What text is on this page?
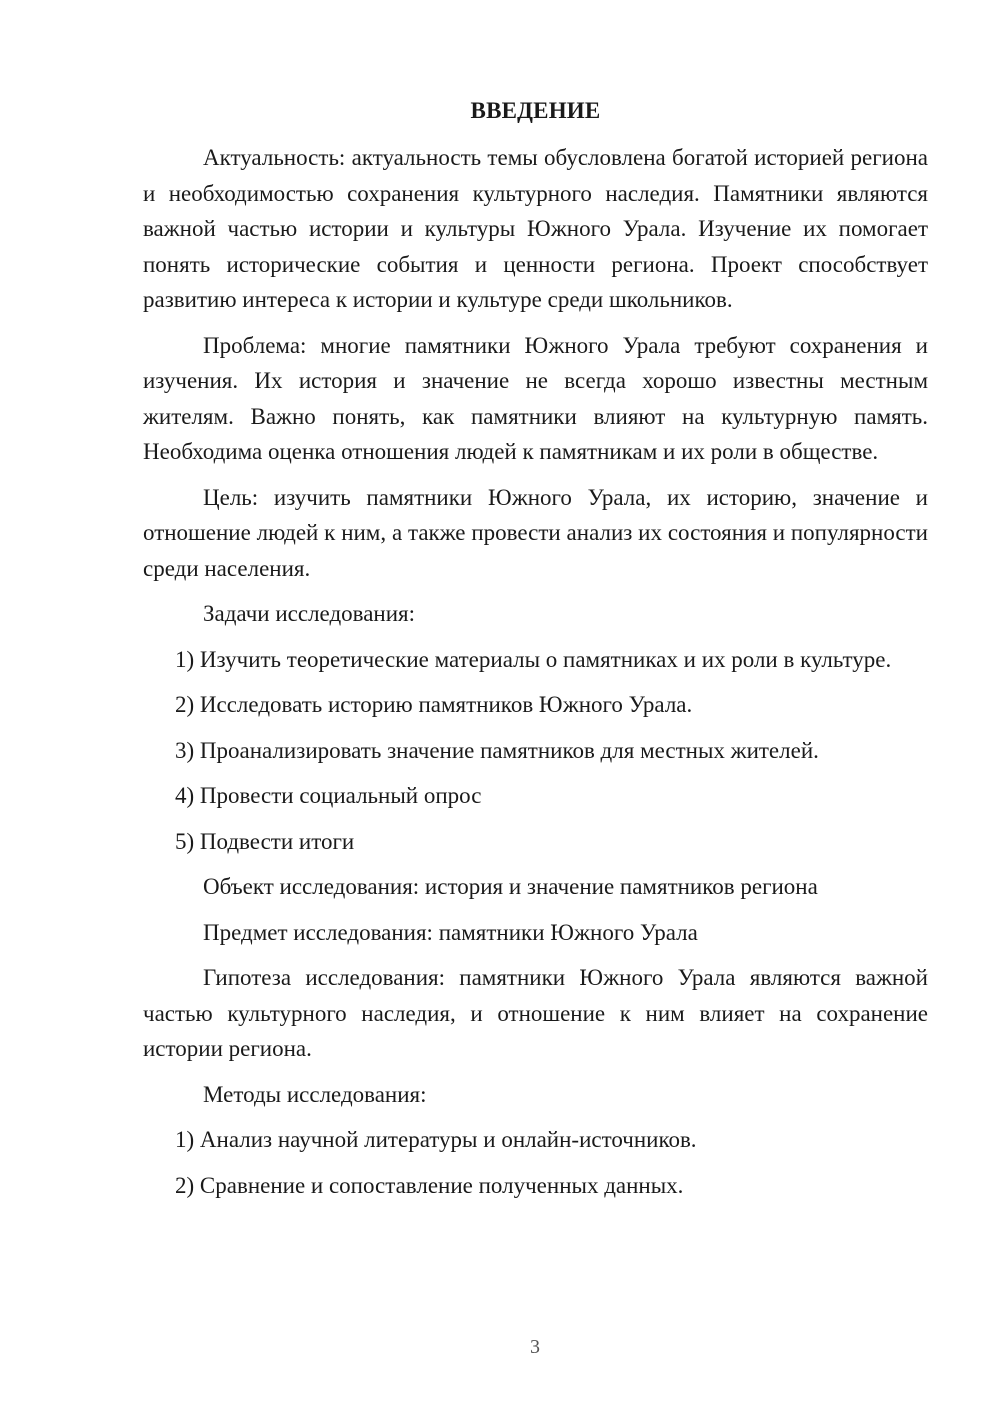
ВВЕДЕНИЕ

Актуальность: актуальность темы обусловлена богатой историей региона и необходимостью сохранения культурного наследия. Памятники являются важной частью истории и культуры Южного Урала. Изучение их помогает понять исторические события и ценности региона. Проект способствует развитию интереса к истории и культуре среди школьников.

Проблема: многие памятники Южного Урала требуют сохранения и изучения. Их история и значение не всегда хорошо известны местным жителям. Важно понять, как памятники влияют на культурную память. Необходима оценка отношения людей к памятникам и их роли в обществе.

Цель: изучить памятники Южного Урала, их историю, значение и отношение людей к ним, а также провести анализ их состояния и популярности среди населения.

Задачи исследования:

1) Изучить теоретические материалы о памятниках и их роли в культуре.

2) Исследовать историю памятников Южного Урала.

3) Проанализировать значение памятников для местных жителей.

4) Провести социальный опрос

5) Подвести итоги

Объект исследования: история и значение памятников региона

Предмет исследования: памятники Южного Урала

Гипотеза исследования: памятники Южного Урала являются важной частью культурного наследия, и отношение к ним влияет на сохранение истории региона.

Методы исследования:

1) Анализ научной литературы и онлайн-источников.

2) Сравнение и сопоставление полученных данных.

3
